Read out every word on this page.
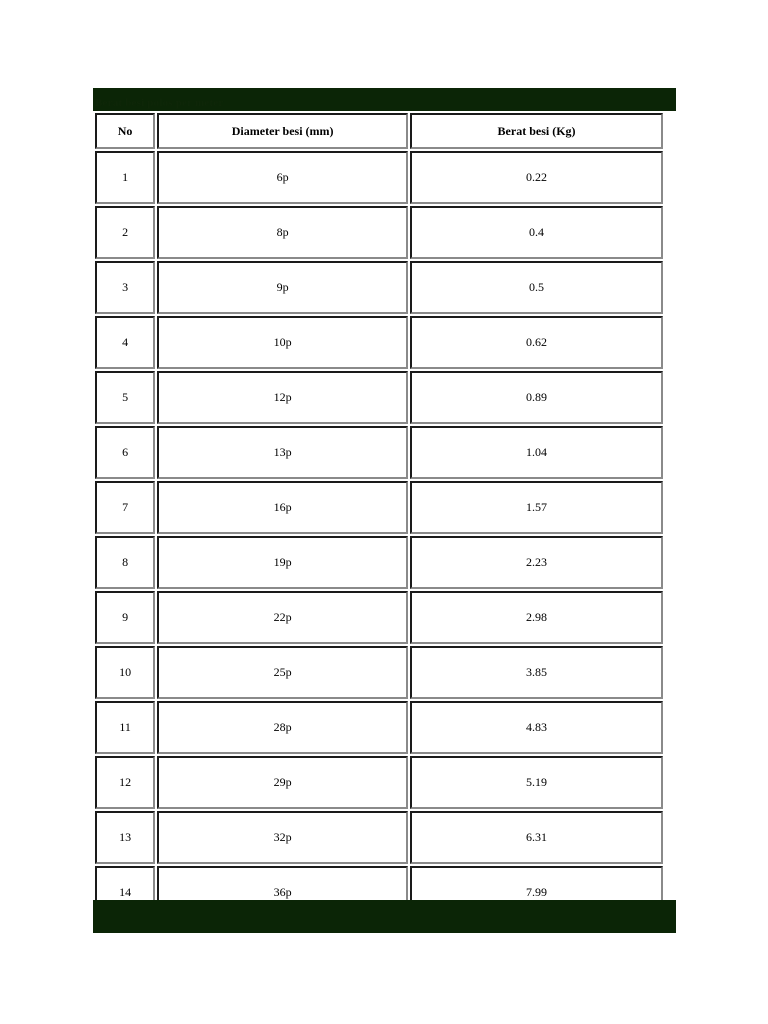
Berat besi polos per meter
No	Diameter besi (mm)	Berat besi (Kg)
1	6p	0.22
2	8p	0.4
3	9p	0.5
4	10p	0.62
5	12p	0.89
6	13p	1.04
7	16p	1.57
8	19p	2.23
9	22p	2.98
10	25p	3.85
11	28p	4.83
12	29p	5.19
13	32p	6.31
14	36p	7.99
